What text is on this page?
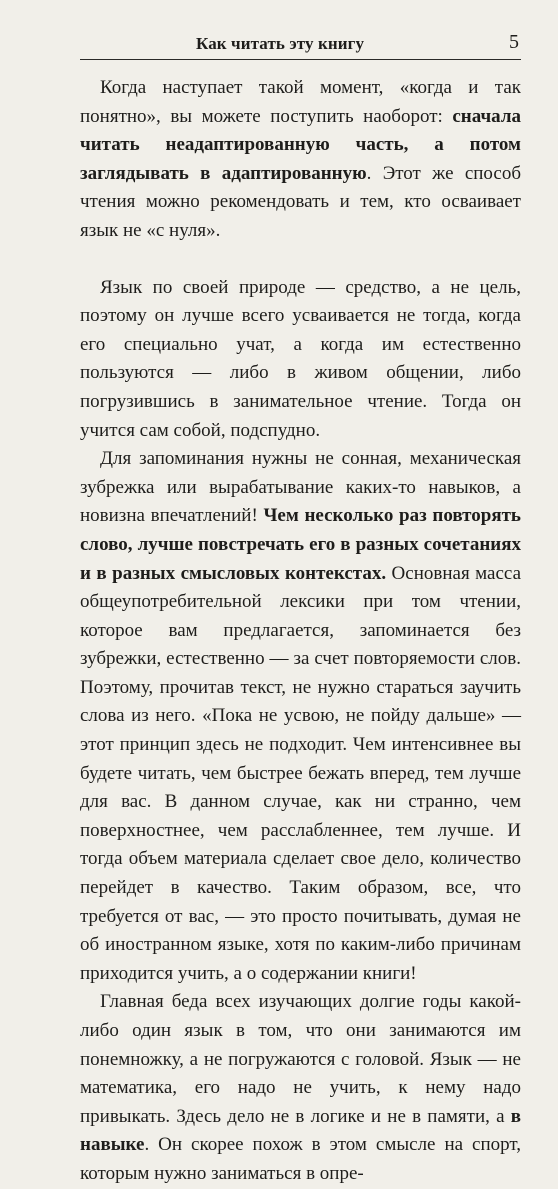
Как читать эту книгу	5

Когда наступает такой момент, «когда и так понятно», вы можете поступить наоборот: сначала читать неадаптированную часть, а потом заглядывать в адаптированную. Этот же способ чтения можно рекомендовать и тем, кто осваивает язык не «с нуля».

Язык по своей природе — средство, а не цель, поэтому он лучше всего усваивается не тогда, когда его специально учат, а когда им естественно пользуются — либо в живом общении, либо погрузившись в занимательное чтение. Тогда он учится сам собой, подспудно.

Для запоминания нужны не сонная, механическая зубрежка или вырабатывание каких-то навыков, а новизна впечатлений! Чем несколько раз повторять слово, лучше повстречать его в разных сочетаниях и в разных смысловых контекстах. Основная масса общеупотребительной лексики при том чтении, которое вам предлагается, запоминается без зубрежки, естественно — за счет повторяемости слов. Поэтому, прочитав текст, не нужно стараться заучить слова из него. «Пока не усвою, не пойду дальше» — этот принцип здесь не подходит. Чем интенсивнее вы будете читать, чем быстрее бежать вперед, тем лучше для вас. В данном случае, как ни странно, чем поверхностнее, чем расслабленнее, тем лучше. И тогда объем материала сделает свое дело, количество перейдет в качество. Таким образом, все, что требуется от вас, — это просто почитывать, думая не об иностранном языке, хотя по каким-либо причинам приходится учить, а о содержании книги!

Главная беда всех изучающих долгие годы какой-либо один язык в том, что они занимаются им понемножку, а не погружаются с головой. Язык — не математика, его надо не учить, к нему надо привыкать. Здесь дело не в логике и не в памяти, а в навыке. Он скорее похож в этом смысле на спорт, которым нужно заниматься в опре-
